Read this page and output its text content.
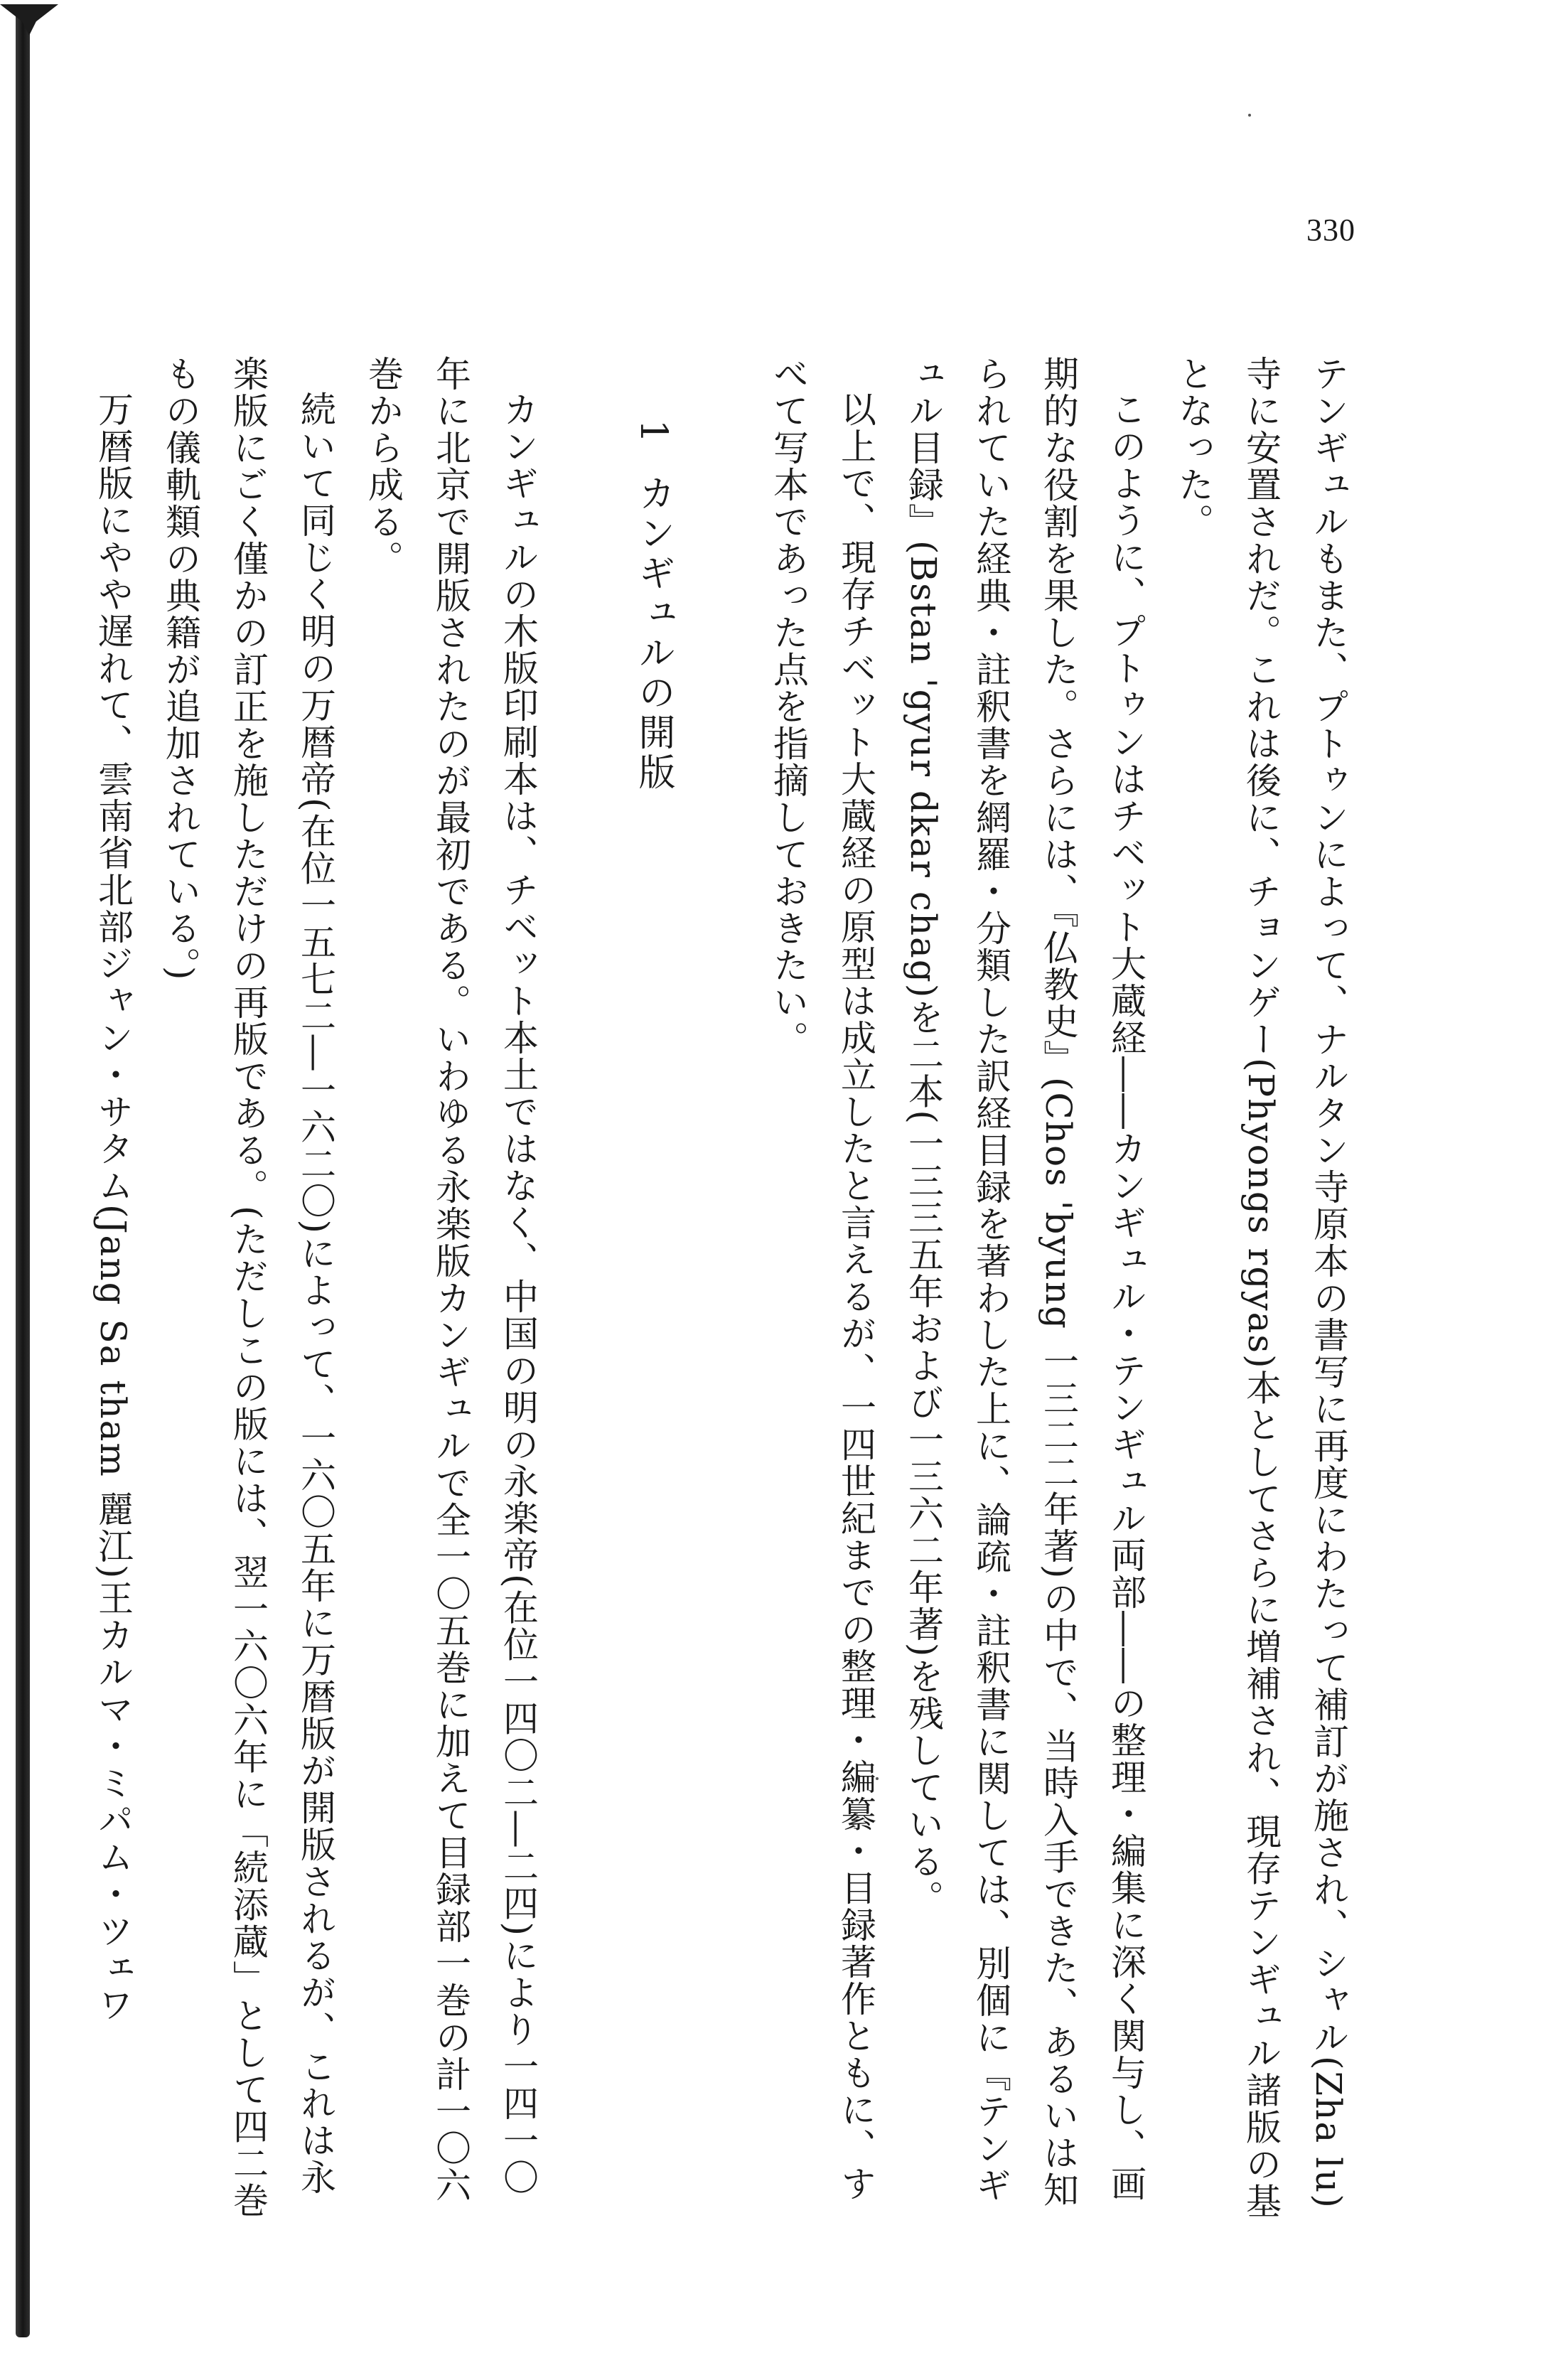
330

テンギュルもまた、プトゥンによって、ナルタン寺原本の書写に再度にわたって補訂が施され、シャル(Zha lu)寺に安置されだ。これは後に、チョンゲー(Phyongs rgyas)本としてさらに増補され、現存テンギュル諸版の基となった。

このように、プトゥンはチベット大蔵経――カンギュル・テンギュル両部――の整理・編集に深く関与し、画期的な役割を果した。さらには、『仏教史』(Chos 'byung 一三二二年著)の中で、当時入手できた、あるいは知られていた経典・註釈書を網羅・分類した訳経目録を著わした上に、論疏・註釈書に関しては、別個に『テンギュル目録』(Bstan 'gyur dkar chag)を二本(一三三五年および一三六二年著)を残している。

以上で、現存チベット大蔵経の原型は成立したと言えるが、一四世紀までの整理・編纂・目録著作ともに、すべて写本であった点を指摘しておきたい。

1カンギュルの開版

カンギュルの木版印刷本は、チベット本土ではなく、中国の明の永楽帝(在位一四〇二―二四)により一四一〇年に北京で開版されたのが最初である。いわゆる永楽版カンギュルで全一〇五巻に加えて目録部一巻の計一〇六巻から成る。

続いて同じく明の万暦帝(在位一五七二―一六二〇)によって、一六〇五年に万暦版が開版されるが、これは永楽版にごく僅かの訂正を施しただけの再版である。(ただしこの版には、翌一六〇六年に「続添蔵」として四二巻もの儀軌類の典籍が追加されている。)

万暦版にやや遅れて、雲南省北部ジャン・サタム(Jang Sa tham 麗江)王カルマ・ミパム・ツェワ
